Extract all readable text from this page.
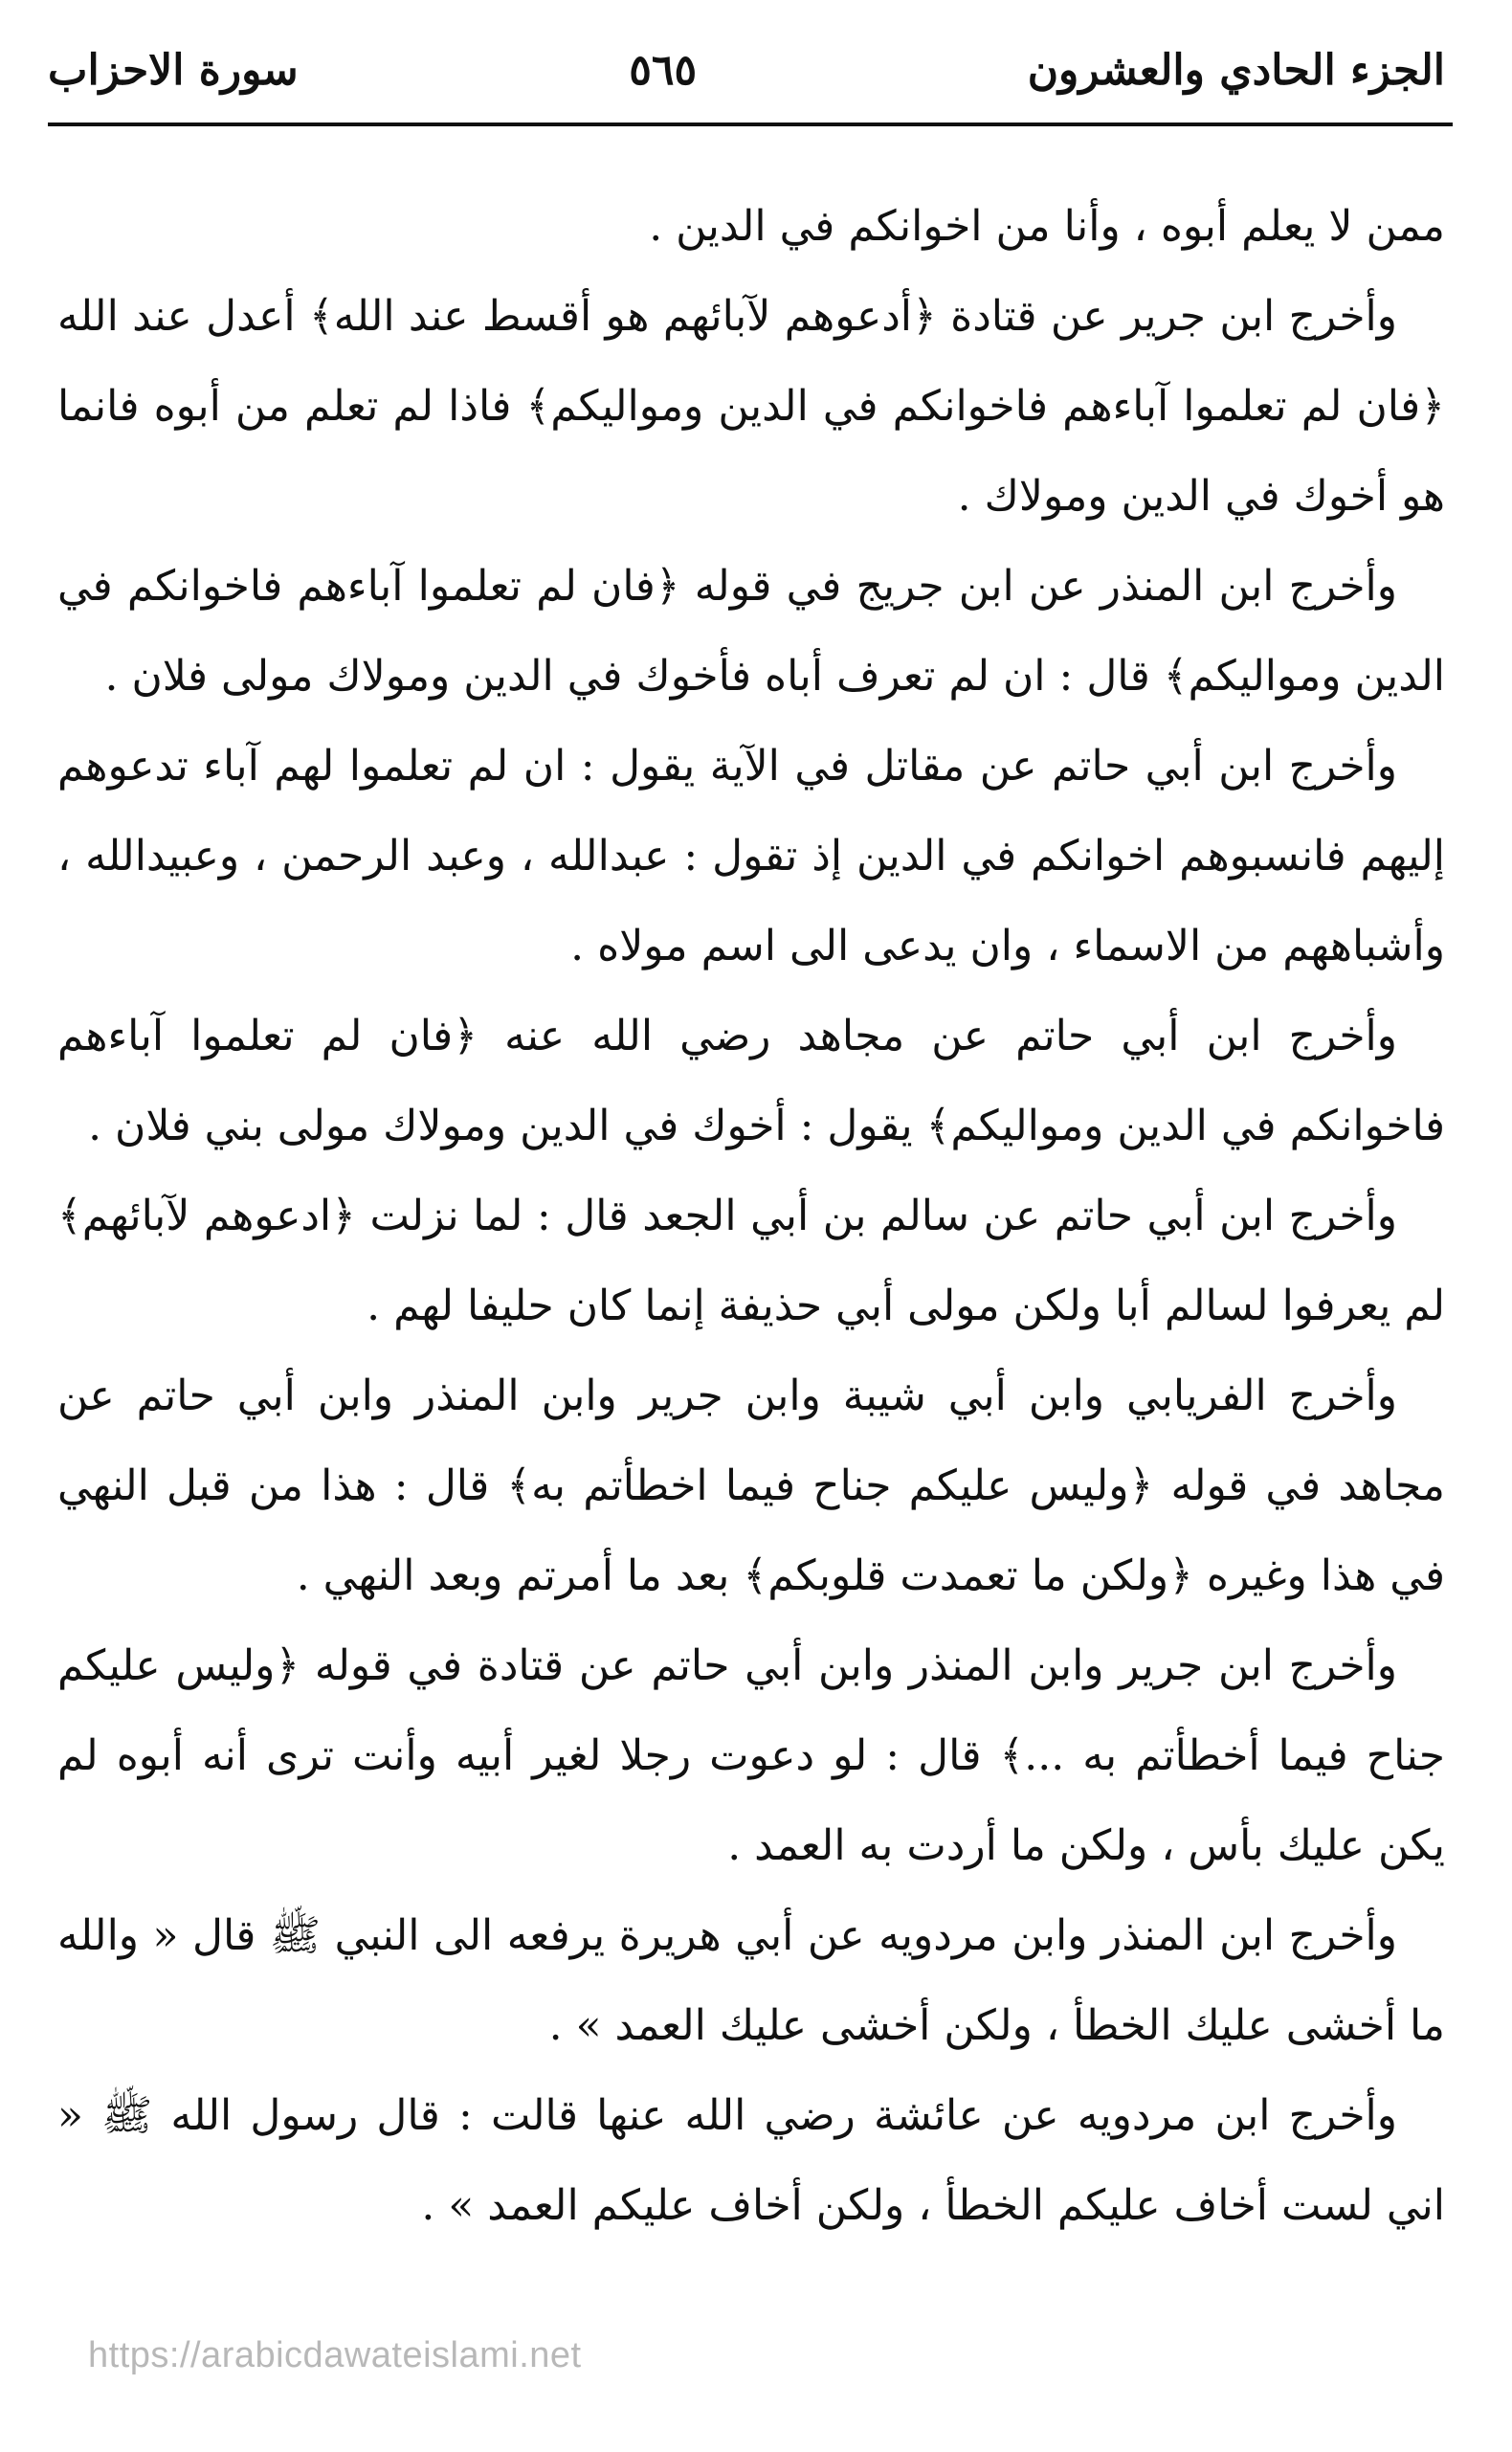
الجزء الحادي والعشرون
٥٦٥
سورة الاحزاب

ممن لا يعلم أبوه ، وأنا من اخوانكم في الدين .

وأخرج ابن جرير عن قتادة ﴿أدعوهم لآبائهم هو أقسط عند الله﴾ أعدل عند الله ﴿فان لم تعلموا آباءهم فاخوانكم في الدين ومواليكم﴾ فاذا لم تعلم من أبوه فانما هو أخوك في الدين ومولاك .

وأخرج ابن المنذر عن ابن جريج في قوله ﴿فان لم تعلموا آباءهم فاخوانكم في الدين ومواليكم﴾ قال : ان لم تعرف أباه فأخوك في الدين ومولاك مولى فلان .

وأخرج ابن أبي حاتم عن مقاتل في الآية يقول : ان لم تعلموا لهم آباء تدعوهم إليهم فانسبوهم اخوانكم في الدين إذ تقول : عبدالله ، وعبد الرحمن ، وعبيدالله ، وأشباههم من الاسماء ، وان يدعى الى اسم مولاه .

وأخرج ابن أبي حاتم عن مجاهد رضي الله عنه ﴿فان لم تعلموا آباءهم فاخوانكم في الدين ومواليكم﴾ يقول : أخوك في الدين ومولاك مولى بني فلان .

وأخرج ابن أبي حاتم عن سالم بن أبي الجعد قال : لما نزلت ﴿ادعوهم لآبائهم﴾ لم يعرفوا لسالم أبا ولكن مولى أبي حذيفة إنما كان حليفا لهم .

وأخرج الفريابي وابن أبي شيبة وابن جرير وابن المنذر وابن أبي حاتم عن مجاهد في قوله ﴿وليس عليكم جناح فيما اخطأتم به﴾ قال : هذا من قبل النهي في هذا وغيره ﴿ولكن ما تعمدت قلوبكم﴾ بعد ما أمرتم وبعد النهي .

وأخرج ابن جرير وابن المنذر وابن أبي حاتم عن قتادة في قوله ﴿وليس عليكم جناح فيما أخطأتم به ...﴾ قال : لو دعوت رجلا لغير أبيه وأنت ترى أنه أبوه لم يكن عليك بأس ، ولكن ما أردت به العمد .

وأخرج ابن المنذر وابن مردويه عن أبي هريرة يرفعه الى النبي ﷺ قال « والله ما أخشى عليك الخطأ ، ولكن أخشى عليك العمد » .

وأخرج ابن مردويه عن عائشة رضي الله عنها قالت : قال رسول الله ﷺ « اني لست أخاف عليكم الخطأ ، ولكن أخاف عليكم العمد » .

https://arabicdawateislami.net
